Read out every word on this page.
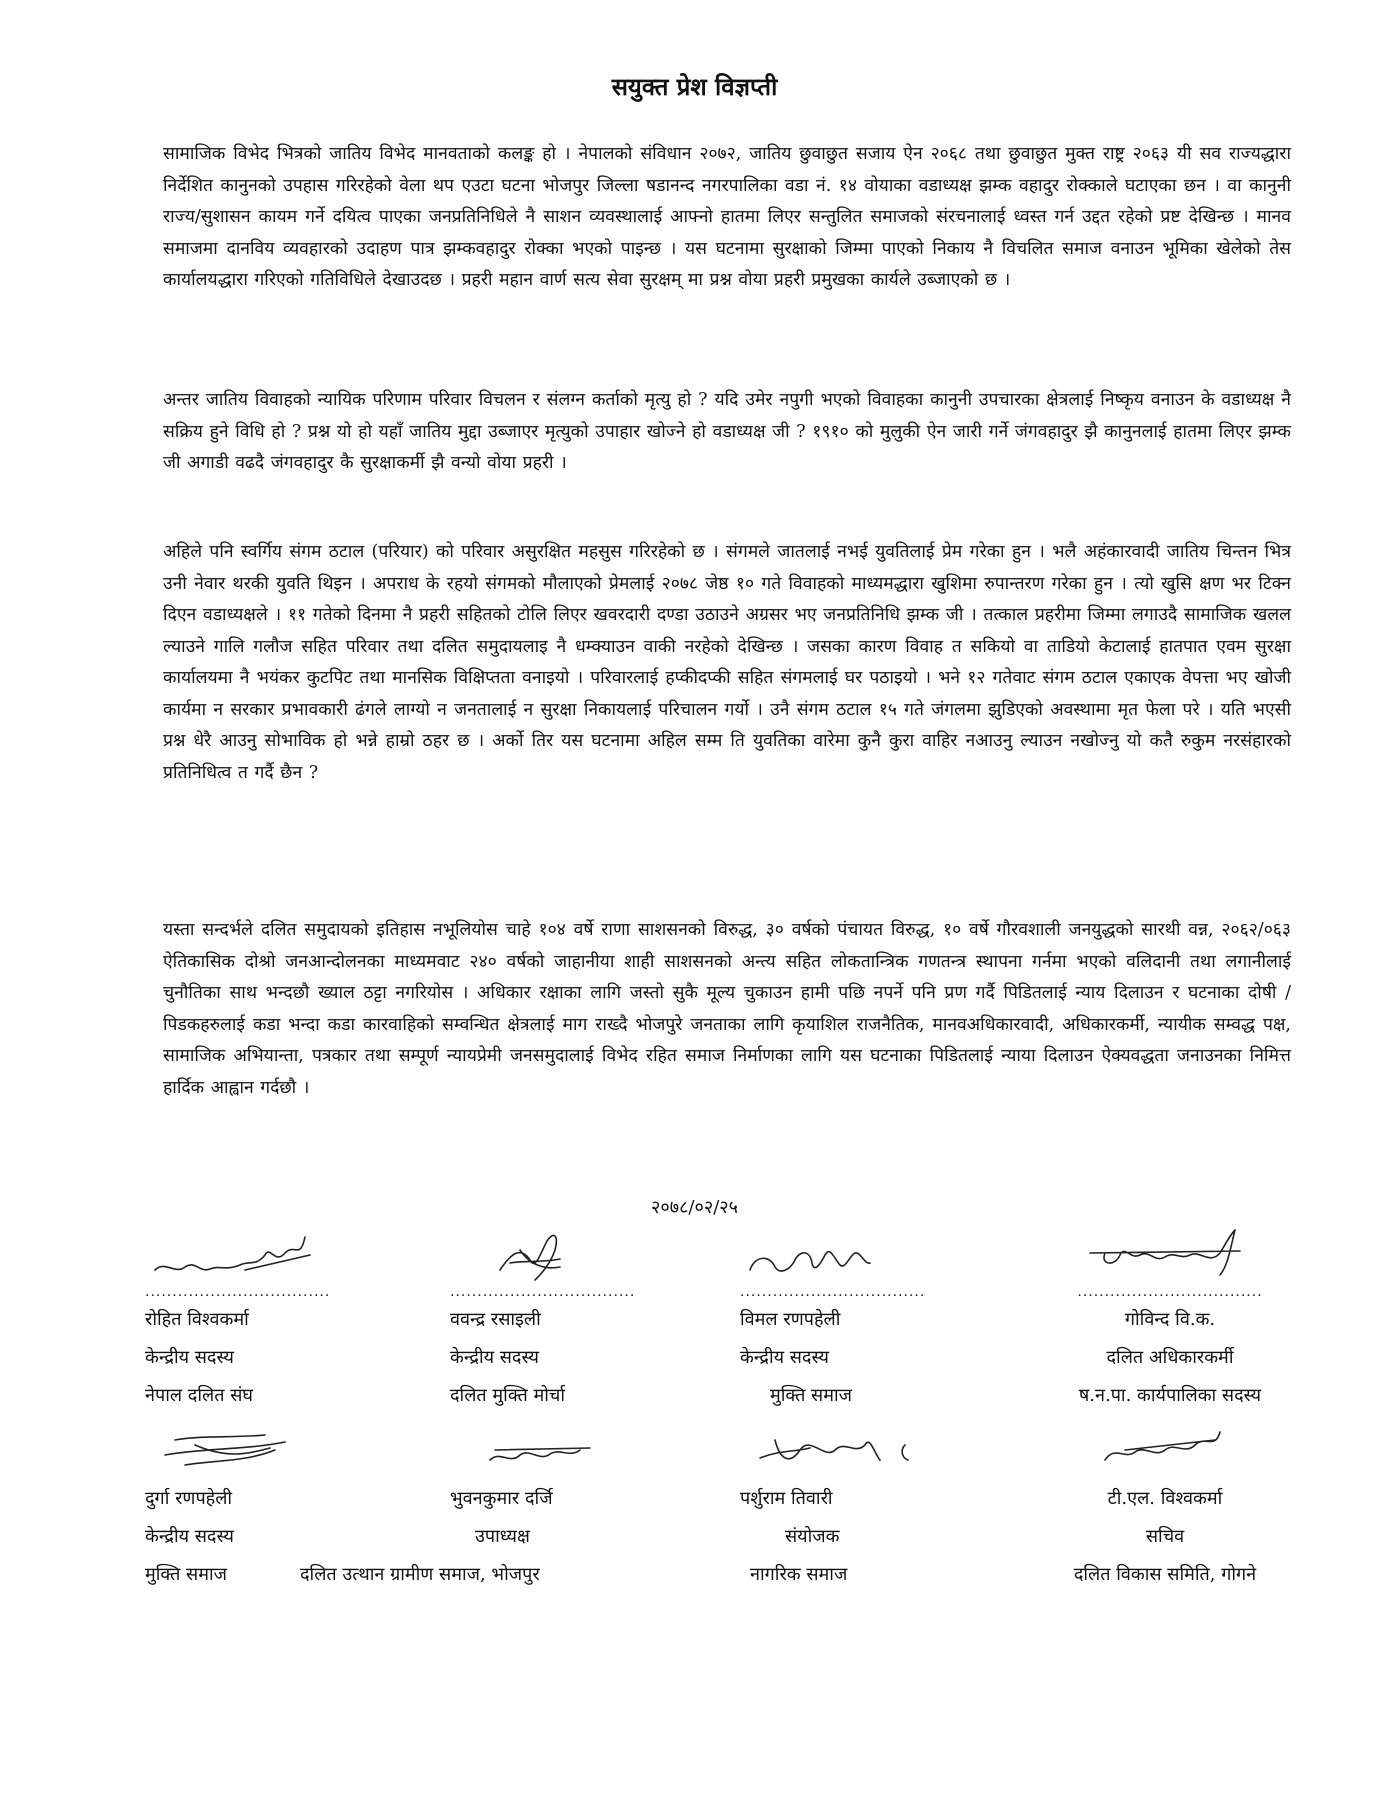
सयुक्त प्रेश विज्ञप्ती

सामाजिक विभेद भित्रको जातिय विभेद मानवताको कलङ्क हो । नेपालको संविधान २०७२, जातिय छुवाछुत सजाय ऐन २०६८ तथा छुवाछुत मुक्त राष्ट्र २०६३ यी सव राज्यद्धारा निर्देशित कानुनको उपहास गरिरहेको वेला थप एउटा घटना भोजपुर जिल्ला षडानन्द नगरपालिका वडा नं. १४ वोयाका वडाध्यक्ष झम्क वहादुर रोक्काले घटाएका छन । वा कानुनी राज्य/सुशासन कायम गर्ने दयित्व पाएका जनप्रतिनिधिले नै साशन व्यवस्थालाई आफ्नो हातमा लिएर सन्तुलित समाजको संरचनालाई ध्वस्त गर्न उद्दत रहेको प्रष्ट देखिन्छ । मानव समाजमा दानविय व्यवहारको उदाहण पात्र झम्कवहादुर रोक्का भएको पाइन्छ । यस घटनामा सुरक्षाको जिम्मा पाएको निकाय नै विचलित समाज वनाउन भूमिका खेलेको तेस कार्यालयद्धारा गरिएको गतिविधिले देखाउदछ । प्रहरी महान वार्ण सत्य सेवा सुरक्षम् मा प्रश्न वोया प्रहरी प्रमुखका कार्यले उब्जाएको छ ।

अन्तर जातिय विवाहको न्यायिक परिणाम परिवार विचलन र संलग्न कर्ताको मृत्यु हो ? यदि उमेर नपुगी भएको विवाहका कानुनी उपचारका क्षेत्रलाई निष्कृय वनाउन के वडाध्यक्ष नै सक्रिय हुने विधि हो ? प्रश्न यो हो यहाँ जातिय मुद्दा उब्जाएर मृत्युको उपाहार खोज्ने हो वडाध्यक्ष जी ? १९१० को मुलुकी ऐन जारी गर्ने जंगवहादुर झै कानुनलाई हातमा लिएर झम्क जी अगाडी वढदै जंगवहादुर कै सुरक्षाकर्मी झै वन्यो वोया प्रहरी ।

अहिले पनि स्वर्गिय संगम ठटाल (परियार) को परिवार असुरक्षित महसुस गरिरहेको छ । संगमले जातलाई नभई युवतिलाई प्रेम गरेका हुन । भलै अहंकारवादी जातिय चिन्तन भित्र उनी नेवार थरकी युवति थिइन । अपराध के रहयो संगमको मौलाएको प्रेमलाई २०७८ जेष्ठ १० गते विवाहको माध्यमद्धारा खुशिमा रुपान्तरण गरेका हुन । त्यो खुसि क्षण भर टिक्न दिएन वडाध्यक्षले । ११ गतेको दिनमा नै प्रहरी सहितको टोलि लिएर खवरदारी दण्डा उठाउने अग्रसर भए जनप्रतिनिधि झम्क जी । तत्काल प्रहरीमा जिम्मा लगाउदै सामाजिक खलल ल्याउने गालि गलौज सहित परिवार तथा दलित समुदायलाइ नै धम्क्याउन वाकी नरहेको देखिन्छ । जसका कारण विवाह त सकियो वा ताडियो केटालाई हातपात एवम सुरक्षा कार्यालयमा नै भयंकर कुटपिट तथा मानसिक विक्षिप्तता वनाइयो । परिवारलाई हप्कीदप्की सहित संगमलाई घर पठाइयो । भने १२ गतेवाट संगम ठटाल एकाएक वेपत्ता भए खोजी कार्यमा न सरकार प्रभावकारी ढंगले लाग्यो न जनतालाई न सुरक्षा निकायलाई परिचालन गर्यो । उनै संगम ठटाल १५ गते जंगलमा झुडिएको अवस्थामा मृत फेला परे । यति भएसी प्रश्न धेरै आउनु सोभाविक हो भन्ने हाम्रो ठहर छ । अर्को तिर यस घटनामा अहिल सम्म ति युवतिका वारेमा कुनै कुरा वाहिर नआउनु ल्याउन नखोज्नु यो कतै रुकुम नरसंहारको प्रतिनिधित्व त गर्दै छैन ?

यस्ता सन्दर्भले दलित समुदायको इतिहास नभूलियोस चाहे १०४ वर्षे राणा साशसनको विरुद्ध, ३० वर्षको पंचायत विरुद्ध, १० वर्षे गौरवशाली जनयुद्धको सारथी वन्न, २०६२/०६३ ऐतिकासिक दोश्रो जनआन्दोलनका माध्यमवाट २४० वर्षको जाहानीया शाही साशसनको अन्त्य सहित लोकतान्त्रिक गणतन्त्र स्थापना गर्नमा भएको वलिदानी तथा लगानीलाई चुनौतिका साथ भन्दछौ ख्याल ठट्टा नगरियोस । अधिकार रक्षाका लागि जस्तो सुकै मूल्य चुकाउन हामी पछि नपर्ने पनि प्रण गर्दै पिडितलाई न्याय दिलाउन र घटनाका दोषी /पिडकहरुलाई कडा भन्दा कडा कारवाहिको सम्वन्धित क्षेत्रलाई माग राख्दै भोजपुरे जनताका लागि कृयाशिल राजनैतिक, मानवअधिकारवादी, अधिकारकर्मी, न्यायीक सम्वद्ध पक्ष, सामाजिक अभियान्ता, पत्रकार तथा सम्पूर्ण न्यायप्रेमी जनसमुदालाई विभेद रहित समाज निर्माणका लागि यस घटनाका पिडितलाई न्याया दिलाउन ऐक्यवद्धता जनाउनका निमित्त हार्दिक आह्वान गर्दछौ ।

२०७८/०२/२५
..................................
रोहित विश्वकर्मा
केन्द्रीय सदस्य
नेपाल दलित संघ
..................................
ववन्द्र रसाइली
केन्द्रीय सदस्य
दलित मुक्ति मोर्चा
..................................
विमल रणपहेली
केन्द्रीय सदस्य
मुक्ति समाज
..................................
गोविन्द वि.क.
दलित अधिकारकर्मी
ष.न.पा. कार्यपालिका सदस्य
दुर्गा रणपहेली
केन्द्रीय सदस्य
मुक्ति समाज
भुवनकुमार दर्जि
उपाध्यक्ष
दलित उत्थान ग्रामीण समाज, भोजपुर
पर्शुराम तिवारी
संयोजक
नागरिक समाज
टी.एल. विश्वकर्मा
सचिव
दलित विकास समिति, गोगने
